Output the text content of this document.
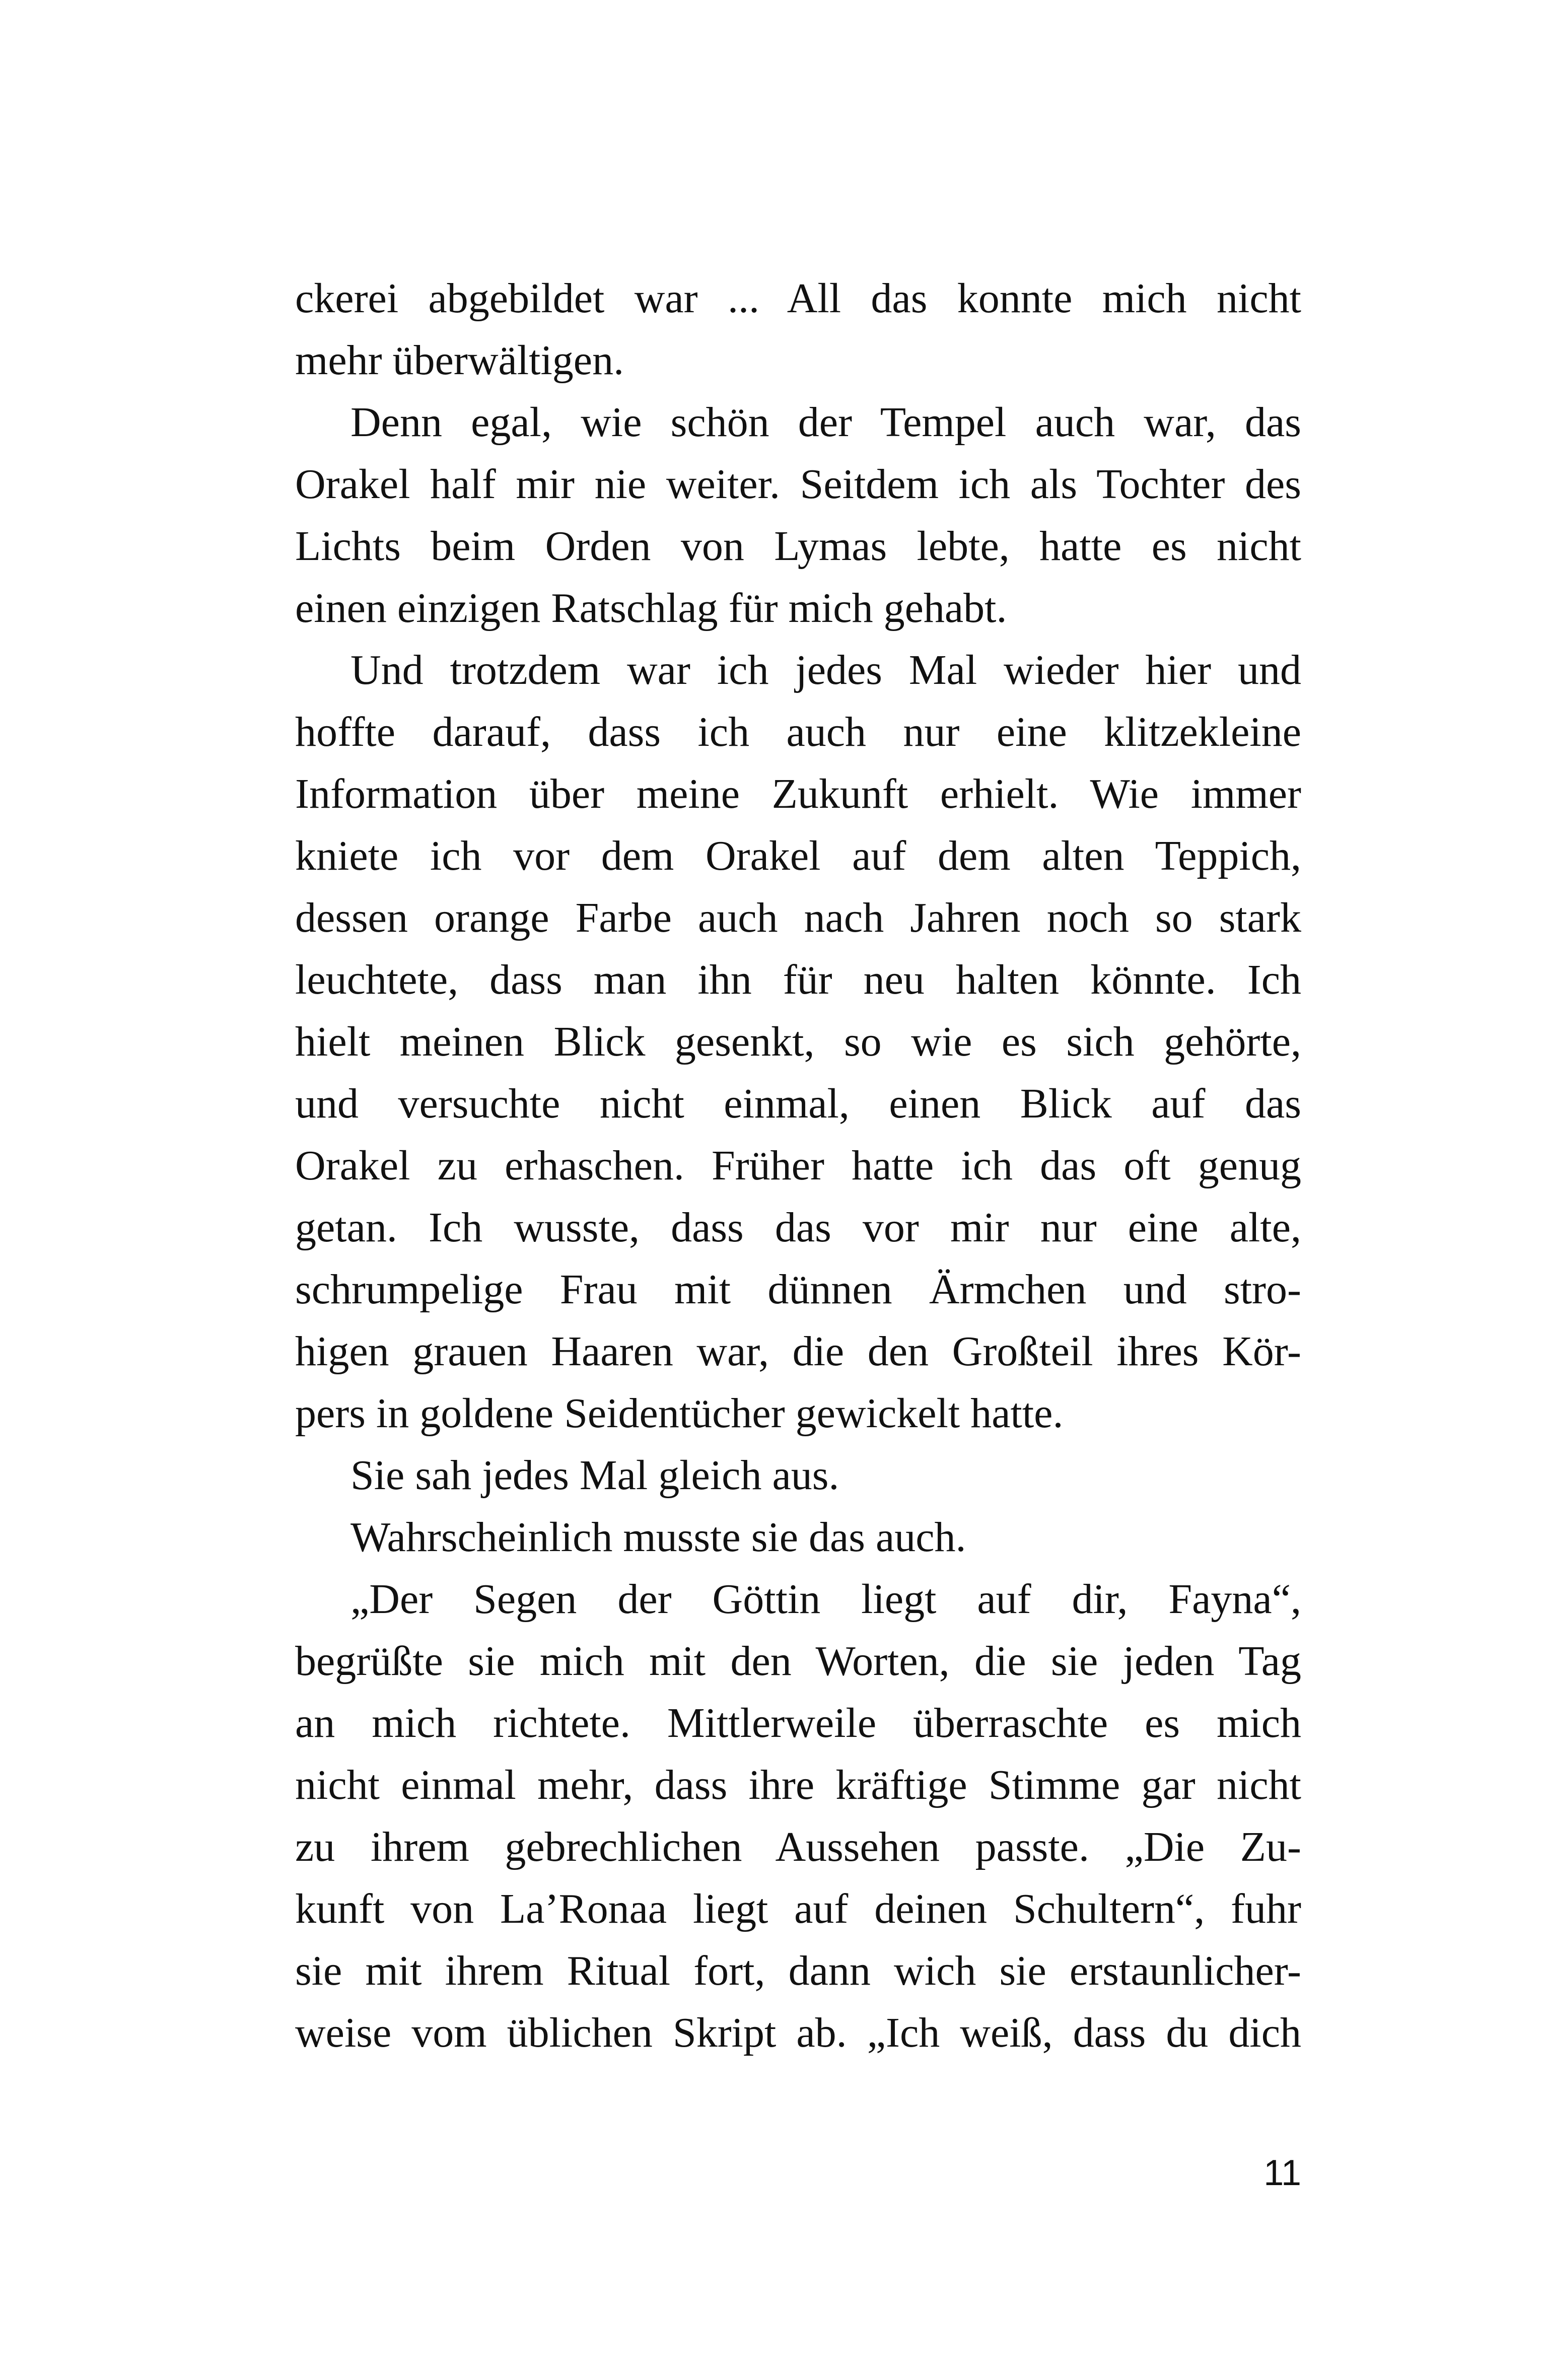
ckerei abgebildet war ... All das konnte mich nicht
mehr überwältigen.
Denn egal, wie schön der Tempel auch war, das
Orakel half mir nie weiter. Seitdem ich als Tochter des
Lichts beim Orden von Lymas lebte, hatte es nicht
einen einzigen Ratschlag für mich gehabt.
Und trotzdem war ich jedes Mal wieder hier und
hoffte darauf, dass ich auch nur eine klitzekleine
Information über meine Zukunft erhielt. Wie immer
kniete ich vor dem Orakel auf dem alten Teppich,
dessen orange Farbe auch nach Jahren noch so stark
leuchtete, dass man ihn für neu halten könnte. Ich
hielt meinen Blick gesenkt, so wie es sich gehörte,
und versuchte nicht einmal, einen Blick auf das
Orakel zu erhaschen. Früher hatte ich das oft genug
getan. Ich wusste, dass das vor mir nur eine alte,
schrumpelige Frau mit dünnen Ärmchen und stro-
higen grauen Haaren war, die den Großteil ihres Kör-
pers in goldene Seidentücher gewickelt hatte.
Sie sah jedes Mal gleich aus.
Wahrscheinlich musste sie das auch.
„Der Segen der Göttin liegt auf dir, Fayna“,
begrüßte sie mich mit den Worten, die sie jeden Tag
an mich richtete. Mittlerweile überraschte es mich
nicht einmal mehr, dass ihre kräftige Stimme gar nicht
zu ihrem gebrechlichen Aussehen passte. „Die Zu-
kunft von La’Ronaa liegt auf deinen Schultern“, fuhr
sie mit ihrem Ritual fort, dann wich sie erstaunlicher-
weise vom üblichen Skript ab. „Ich weiß, dass du dich
11
